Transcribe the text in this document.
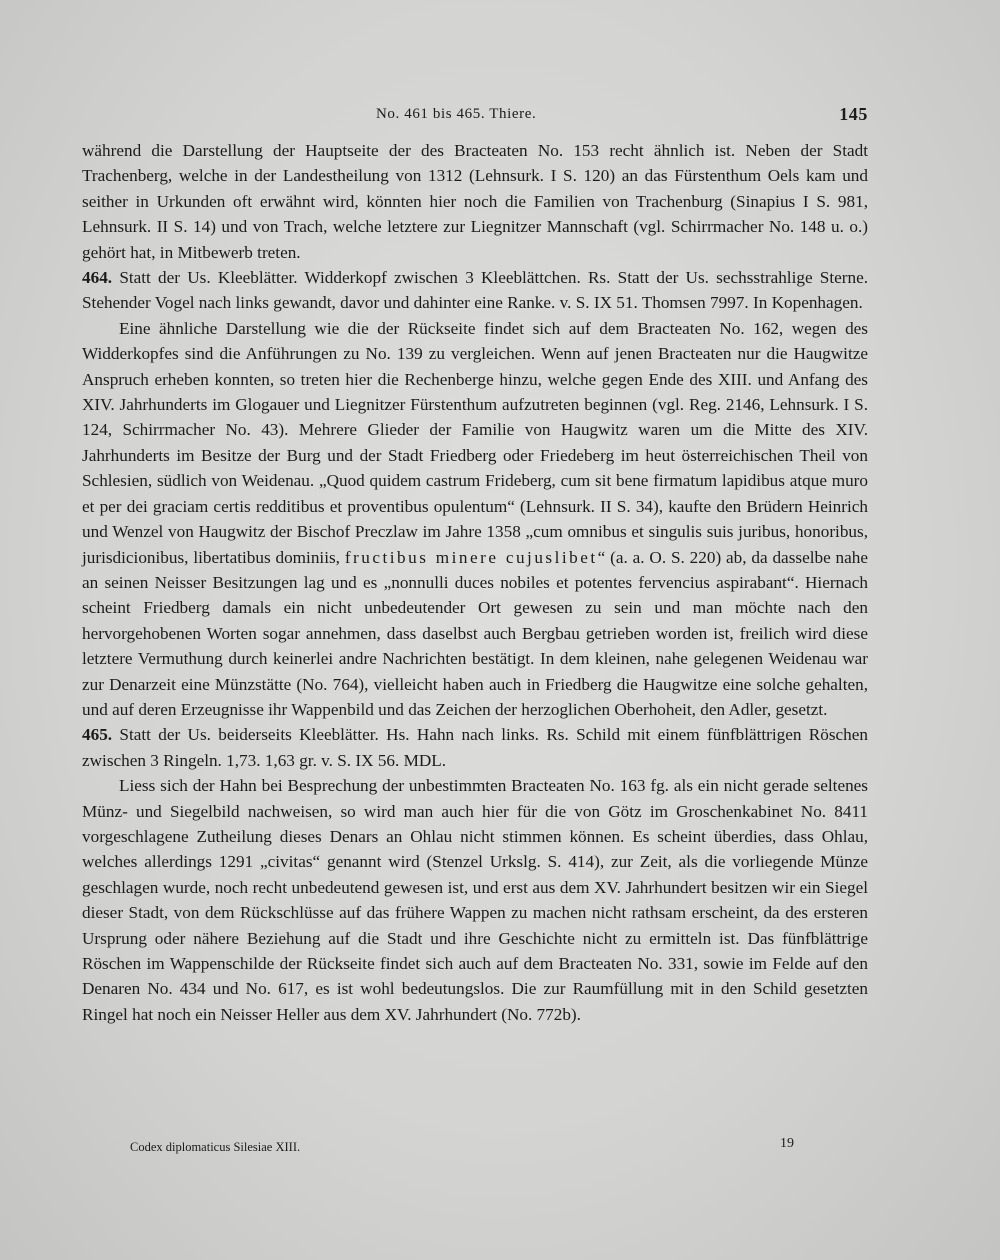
No. 461 bis 465. Thiere.	145

während die Darstellung der Hauptseite der des Bracteaten No. 153 recht ähnlich ist. Neben der Stadt Trachenberg, welche in der Landestheilung von 1312 (Lehnsurk. I S. 120) an das Fürstenthum Oels kam und seither in Urkunden oft erwähnt wird, könnten hier noch die Familien von Trachenburg (Sinapius I S. 981, Lehnsurk. II S. 14) und von Trach, welche letztere zur Liegnitzer Mannschaft (vgl. Schirrmacher No. 148 u. o.) gehört hat, in Mitbewerb treten.

464. Statt der Us. Kleeblätter. Widderkopf zwischen 3 Kleeblättchen. Rs. Statt der Us. sechsstrahlige Sterne. Stehender Vogel nach links gewandt, davor und dahinter eine Ranke. v. S. IX 51. Thomsen 7997. In Kopenhagen.

Eine ähnliche Darstellung wie die der Rückseite findet sich auf dem Bracteaten No. 162, wegen des Widderkopfes sind die Anführungen zu No. 139 zu vergleichen. Wenn auf jenen Bracteaten nur die Haugwitze Anspruch erheben konnten, so treten hier die Rechenberge hinzu, welche gegen Ende des XIII. und Anfang des XIV. Jahrhunderts im Glogauer und Liegnitzer Fürstenthum aufzutreten beginnen (vgl. Reg. 2146, Lehnsurk. I S. 124, Schirrmacher No. 43). Mehrere Glieder der Familie von Haugwitz waren um die Mitte des XIV. Jahrhunderts im Besitze der Burg und der Stadt Friedberg oder Friedeberg im heut österreichischen Theil von Schlesien, südlich von Weidenau. „Quod quidem castrum Frideberg, cum sit bene firmatum lapidibus atque muro et per dei graciam certis redditibus et proventibus opulentum“ (Lehnsurk. II S. 34), kaufte den Brüdern Heinrich und Wenzel von Haugwitz der Bischof Preczlaw im Jahre 1358 „cum omnibus et singulis suis juribus, honoribus, jurisdicionibus, libertatibus dominiis, fructibus minere cujuslibet“ (a. a. O. S. 220) ab, da dasselbe nahe an seinen Neisser Besitzungen lag und es „nonnulli duces nobiles et potentes fervencius aspirabant“. Hiernach scheint Friedberg damals ein nicht unbedeutender Ort gewesen zu sein und man möchte nach den hervorgehobenen Worten sogar annehmen, dass daselbst auch Bergbau getrieben worden ist, freilich wird diese letztere Vermuthung durch keinerlei andre Nachrichten bestätigt. In dem kleinen, nahe gelegenen Weidenau war zur Denarzeit eine Münzstätte (No. 764), vielleicht haben auch in Friedberg die Haugwitze eine solche gehalten, und auf deren Erzeugnisse ihr Wappenbild und das Zeichen der herzoglichen Oberhoheit, den Adler, gesetzt.

465. Statt der Us. beiderseits Kleeblätter. Hs. Hahn nach links. Rs. Schild mit einem fünfblättrigen Röschen zwischen 3 Ringeln. 1,73. 1,63 gr. v. S. IX 56. MDL.

Liess sich der Hahn bei Besprechung der unbestimmten Bracteaten No. 163 fg. als ein nicht gerade seltenes Münz- und Siegelbild nachweisen, so wird man auch hier für die von Götz im Groschenkabinet No. 8411 vorgeschlagene Zutheilung dieses Denars an Ohlau nicht stimmen können. Es scheint überdies, dass Ohlau, welches allerdings 1291 „civitas“ genannt wird (Stenzel Urkslg. S. 414), zur Zeit, als die vorliegende Münze geschlagen wurde, noch recht unbedeutend gewesen ist, und erst aus dem XV. Jahrhundert besitzen wir ein Siegel dieser Stadt, von dem Rückschlüsse auf das frühere Wappen zu machen nicht rathsam erscheint, da des ersteren Ursprung oder nähere Beziehung auf die Stadt und ihre Geschichte nicht zu ermitteln ist. Das fünfblättrige Röschen im Wappenschilde der Rückseite findet sich auch auf dem Bracteaten No. 331, sowie im Felde auf den Denaren No. 434 und No. 617, es ist wohl bedeutungslos. Die zur Raumfüllung mit in den Schild gesetzten Ringel hat noch ein Neisser Heller aus dem XV. Jahrhundert (No. 772b).

Codex diplomaticus Silesiae XIII.	19
